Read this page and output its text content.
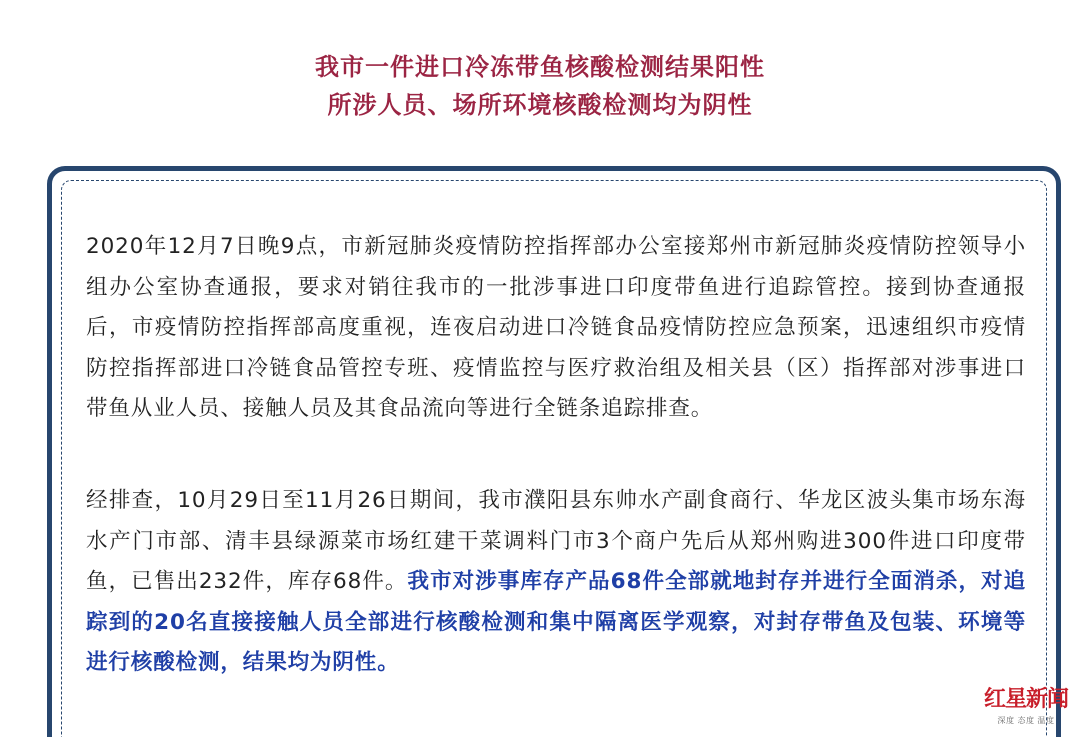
我市一件进口冷冻带鱼核酸检测结果阳性
所涉人员、场所环境核酸检测均为阴性

2020年12月7日晚9点，市新冠肺炎疫情防控指挥部办公室接郑州市新冠肺炎疫情防控领导小组办公室协查通报，要求对销往我市的一批涉事进口印度带鱼进行追踪管控。接到协查通报后，市疫情防控指挥部高度重视，连夜启动进口冷链食品疫情防控应急预案，迅速组织市疫情防控指挥部进口冷链食品管控专班、疫情监控与医疗救治组及相关县（区）指挥部对涉事进口带鱼从业人员、接触人员及其食品流向等进行全链条追踪排查。

经排查，10月29日至11月26日期间，我市濮阳县东帅水产副食商行、华龙区波头集市场东海水产门市部、清丰县绿源菜市场红建干菜调料门市3个商户先后从郑州购进300件进口印度带鱼，已售出232件，库存68件。我市对涉事库存产品68件全部就地封存并进行全面消杀，对追踪到的20名直接接触人员全部进行核酸检测和集中隔离医学观察，对封存带鱼及包装、环境等进行核酸检测，结果均为阴性。

红星新闻
深度 态度 温度
